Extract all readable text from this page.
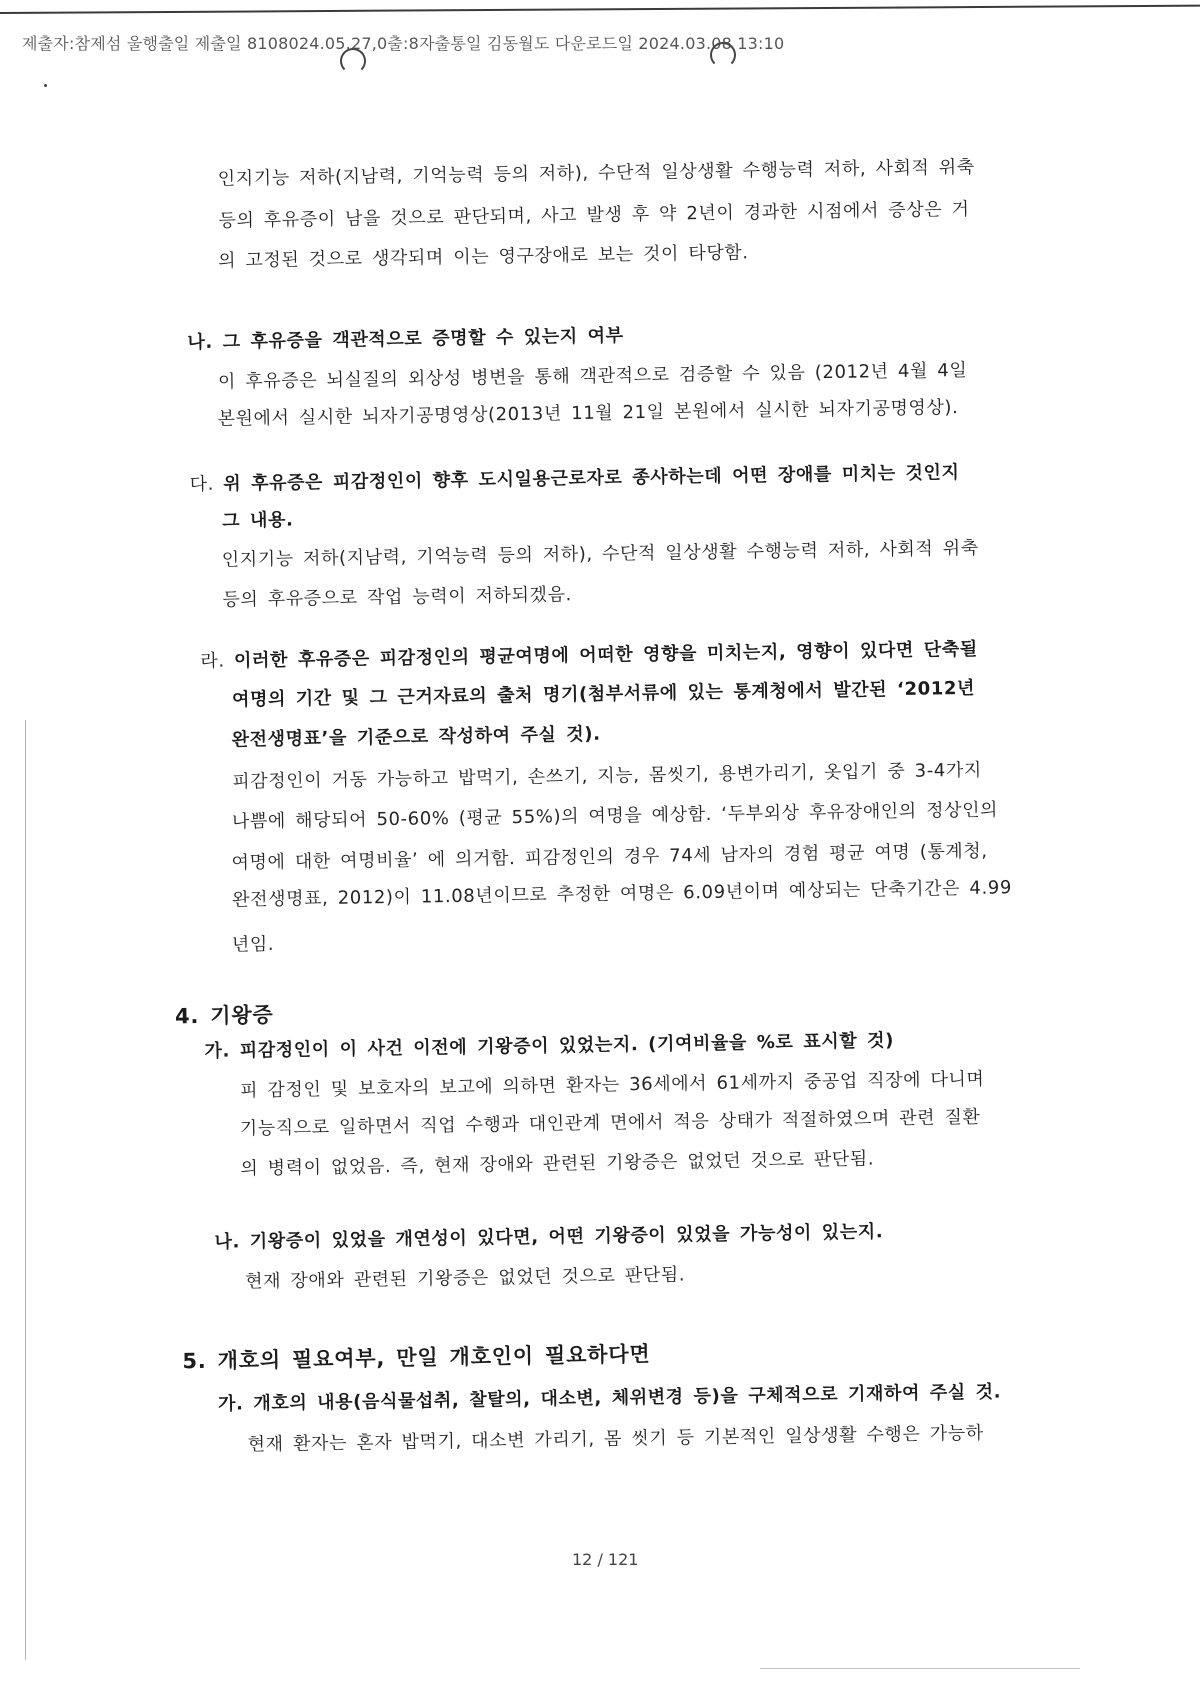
제출자:참제섬 울행출일 제출일 8108024.05.27,0출:8자출통일 김동월도 다운로드일 2024.03.08 13:10
인지기능 저하(지남력, 기억능력 등의 저하), 수단적 일상생활 수행능력 저하, 사회적 위축
등의 후유증이 남을 것으로 판단되며, 사고 발생 후 약 2년이 경과한 시점에서 증상은 거
의 고정된 것으로 생각되며 이는 영구장애로 보는 것이 타당함.
나. 그 후유증을 객관적으로 증명할 수 있는지 여부
이 후유증은 뇌실질의 외상성 병변을 통해 객관적으로 검증할 수 있음 (2012년 4월 4일
본원에서 실시한 뇌자기공명영상(2013년 11월 21일 본원에서 실시한 뇌자기공명영상).
다. 위 후유증은 피감정인이 향후 도시일용근로자로 종사하는데 어떤 장애를 미치는 것인지
그 내용.
인지기능 저하(지남력, 기억능력 등의 저하), 수단적 일상생활 수행능력 저하, 사회적 위축
등의 후유증으로 작업 능력이 저하되겠음.
라. 이러한 후유증은 피감정인의 평균여명에 어떠한 영향을 미치는지, 영향이 있다면 단축될
여명의 기간 및 그 근거자료의 출처 명기(첨부서류에 있는 통계청에서 발간된 ‘2012년
완전생명표’을 기준으로 작성하여 주실 것).
피감정인이 거동 가능하고 밥먹기, 손쓰기, 지능, 몸씻기, 용변가리기, 옷입기 중 3-4가지
나쁨에 해당되어 50-60% (평균 55%)의 여명을 예상함. ‘두부외상 후유장애인의 정상인의
여명에 대한 여명비율’ 에 의거함. 피감정인의 경우 74세 남자의 경험 평균 여명 (통계청,
완전생명표, 2012)이 11.08년이므로 추정한 여명은 6.09년이며 예상되는 단축기간은 4.99
년임.
4. 기왕증
가. 피감정인이 이 사건 이전에 기왕증이 있었는지. (기여비율을 %로 표시할 것)
피 감정인 및 보호자의 보고에 의하면 환자는 36세에서 61세까지 중공업 직장에 다니며
기능직으로 일하면서 직업 수행과 대인관계 면에서 적응 상태가 적절하였으며 관련 질환
의 병력이 없었음. 즉, 현재 장애와 관련된 기왕증은 없었던 것으로 판단됨.
나. 기왕증이 있었을 개연성이 있다면, 어떤 기왕증이 있었을 가능성이 있는지.
현재 장애와 관련된 기왕증은 없었던 것으로 판단됨.
5. 개호의 필요여부, 만일 개호인이 필요하다면
가. 개호의 내용(음식물섭취, 찰탈의, 대소변, 체위변경 등)을 구체적으로 기재하여 주실 것.
현재 환자는 혼자 밥먹기, 대소변 가리기, 몸 씻기 등 기본적인 일상생활 수행은 가능하
12 / 121
